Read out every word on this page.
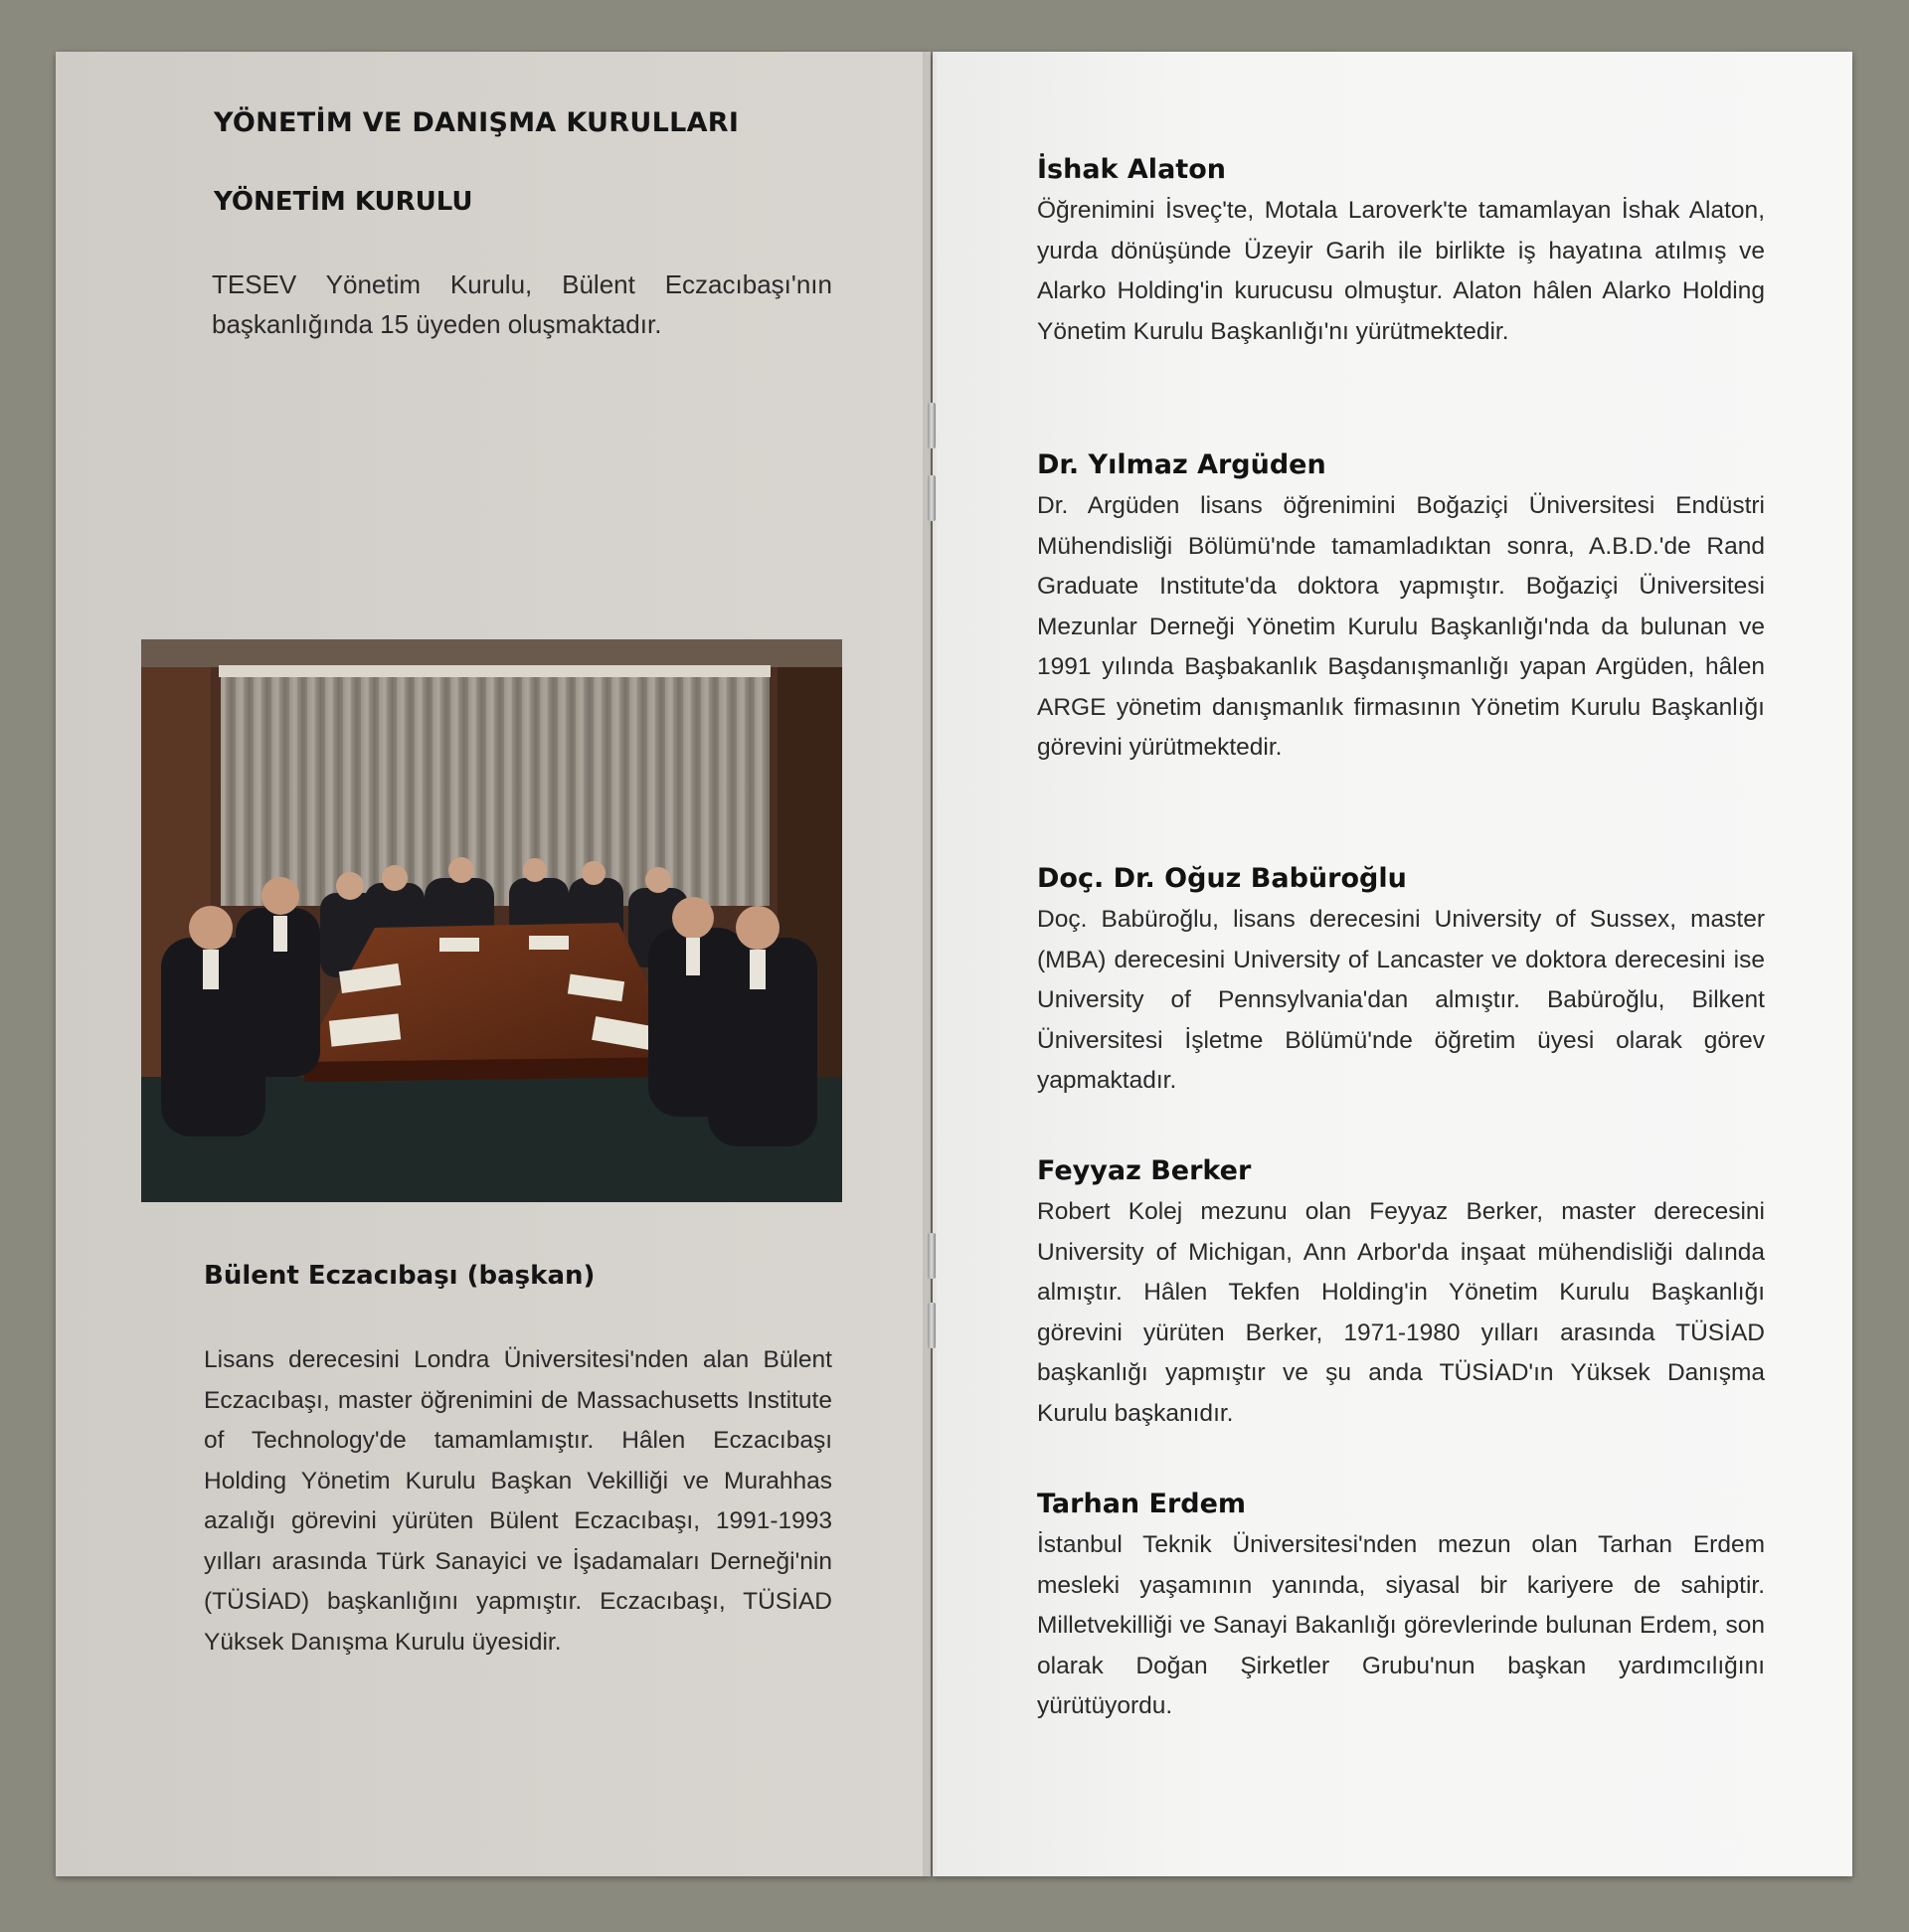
YÖNETİM VE DANIŞMA KURULLARI
YÖNETİM KURULU
TESEV Yönetim Kurulu, Bülent Eczacıbaşı'nın başkanlığında 15 üyeden oluşmaktadır.
Bülent Eczacıbaşı (başkan)
Lisans derecesini Londra Üniversitesi'nden alan Bülent Eczacıbaşı, master öğrenimini de Massachusetts Institute of Technology'de tamamlamıştır. Hâlen Eczacıbaşı Holding Yönetim Kurulu Başkan Vekilliği ve Murahhas azalığı görevini yürüten Bülent Eczacıbaşı, 1991-1993 yılları arasında Türk Sanayici ve İşadamaları Derneği'nin (TÜSİAD) başkanlığını yapmıştır. Eczacıbaşı, TÜSİAD Yüksek Danışma Kurulu üyesidir.
İshak Alaton
Öğrenimini İsveç'te, Motala Laroverk'te tamamlayan İshak Alaton, yurda dönüşünde Üzeyir Garih ile birlikte iş hayatına atılmış ve Alarko Holding'in kurucusu olmuştur. Alaton hâlen Alarko Holding Yönetim Kurulu Başkanlığı'nı yürütmektedir.
Dr. Yılmaz Argüden
Dr. Argüden lisans öğrenimini Boğaziçi Üniversitesi Endüstri Mühendisliği Bölümü'nde tamamladıktan sonra, A.B.D.'de Rand Graduate Institute'da doktora yapmıştır. Boğaziçi Üniversitesi Mezunlar Derneği Yönetim Kurulu Başkanlığı'nda da bulunan ve 1991 yılında Başbakanlık Başdanışmanlığı yapan Argüden, hâlen ARGE yönetim danışmanlık firmasının Yönetim Kurulu Başkanlığı görevini yürütmektedir.
Doç. Dr. Oğuz Babüroğlu
Doç. Babüroğlu, lisans derecesini University of Sussex, master (MBA) derecesini University of Lancaster ve doktora derecesini ise University of Pennsylvania'dan almıştır. Babüroğlu, Bilkent Üniversitesi İşletme Bölümü'nde öğretim üyesi olarak görev yapmaktadır.
Feyyaz Berker
Robert Kolej mezunu olan Feyyaz Berker, master derecesini University of Michigan, Ann Arbor'da inşaat mühendisliği dalında almıştır. Hâlen Tekfen Holding'in Yönetim Kurulu Başkanlığı görevini yürüten Berker, 1971-1980 yılları arasında TÜSİAD başkanlığı yapmıştır ve şu anda TÜSİAD'ın Yüksek Danışma Kurulu başkanıdır.
Tarhan Erdem
İstanbul Teknik Üniversitesi'nden mezun olan Tarhan Erdem mesleki yaşamının yanında, siyasal bir kariyere de sahiptir. Milletvekilliği ve Sanayi Bakanlığı görevlerinde bulunan Erdem, son olarak Doğan Şirketler Grubu'nun başkan yardımcılığını yürütüyordu.
